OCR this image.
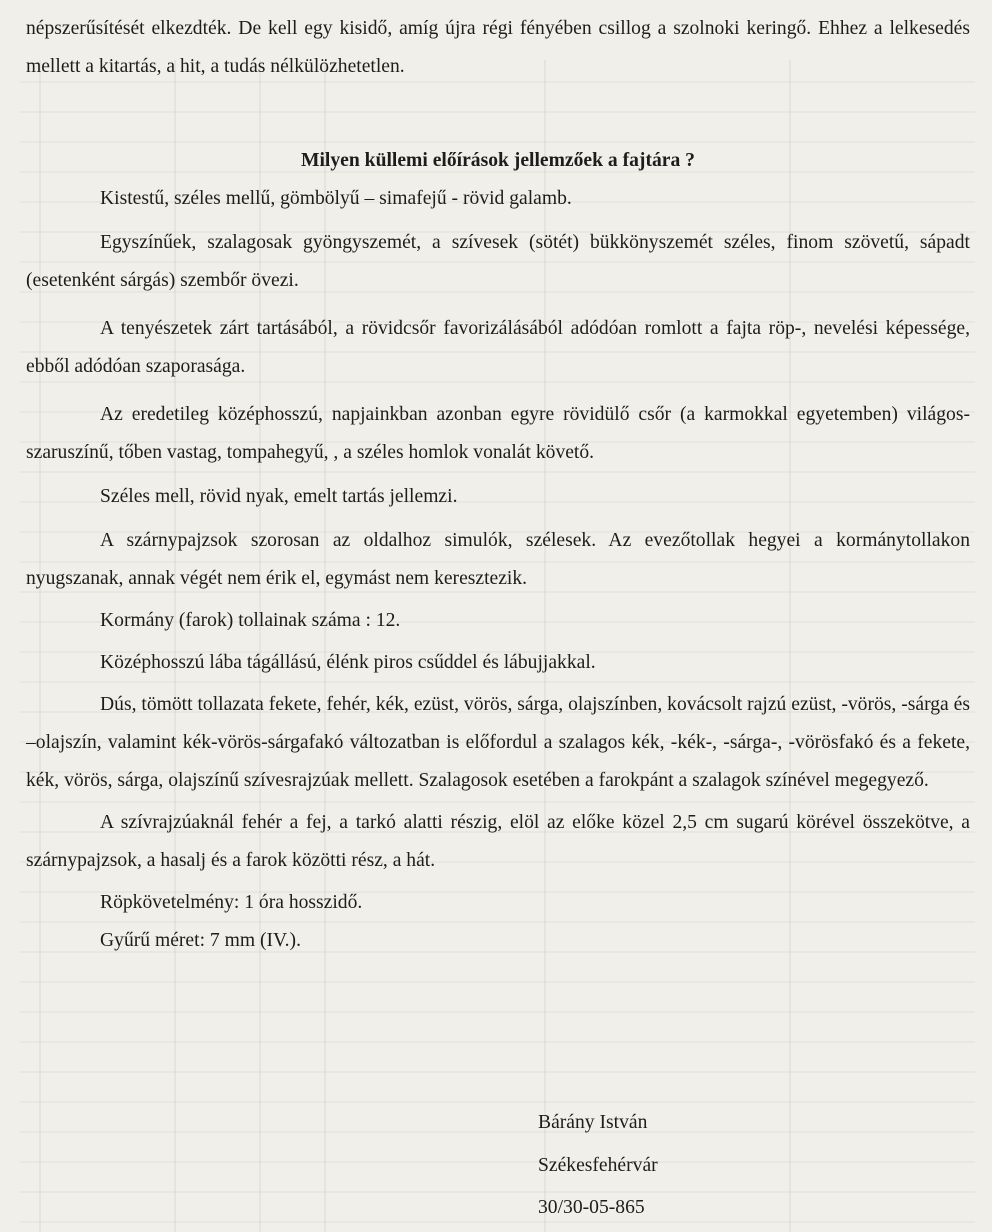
népszerűsítését elkezdték. De kell egy kisidő, amíg újra régi fényében csillog a szolnoki keringő. Ehhez a lelkesedés mellett a kitartás, a hit, a tudás nélkülözhetetlen.

Milyen küllemi előírások jellemzőek a fajtára ?

Kistestű, széles mellű, gömbölyű – simafejű - rövid galamb.

Egyszínűek, szalagosak gyöngyszemét, a szívesek (sötét) bükkönyszemét széles, finom szövetű, sápadt (esetenként sárgás) szembőr övezi.

A tenyészetek zárt tartásából, a rövidcsőr favorizálásából adódóan romlott a fajta röp-, nevelési képessége, ebből adódóan szaporasága.

Az eredetileg középhosszú, napjainkban azonban egyre rövidülő csőr (a karmokkal egyetemben) világos-szaruszínű, tőben vastag, tompahegyű, , a széles homlok vonalát követő.

Széles mell, rövid nyak, emelt tartás jellemzi.

A szárnypajzsok szorosan az oldalhoz simulók, szélesek. Az evezőtollak hegyei a kormánytollakon nyugszanak, annak végét nem érik el, egymást nem keresztezik.

Kormány (farok) tollainak száma : 12.

Középhosszú lába tágállású, élénk piros csűddel és lábujjakkal.

Dús, tömött tollazata fekete, fehér, kék, ezüst, vörös, sárga, olajszínben, kovácsolt rajzú ezüst, -vörös, -sárga és –olajszín, valamint kék-vörös-sárgafakó változatban is előfordul a szalagos kék, -kék-, -sárga-, -vörösfakó és a fekete, kék, vörös, sárga, olajszínű szívesrajzúak mellett. Szalagosok esetében a farokpánt a szalagok színével megegyező.

A szívrajzúaknál fehér a fej, a tarkó alatti részig, elöl az előke közel 2,5 cm sugarú körével összekötve, a szárnypajzsok, a hasalj és a farok közötti rész, a hát.

Röpkövetelmény: 1 óra hosszidő.

Gyűrű méret: 7 mm (IV.).

Bárány István
Székesfehérvár
30/30-05-865
